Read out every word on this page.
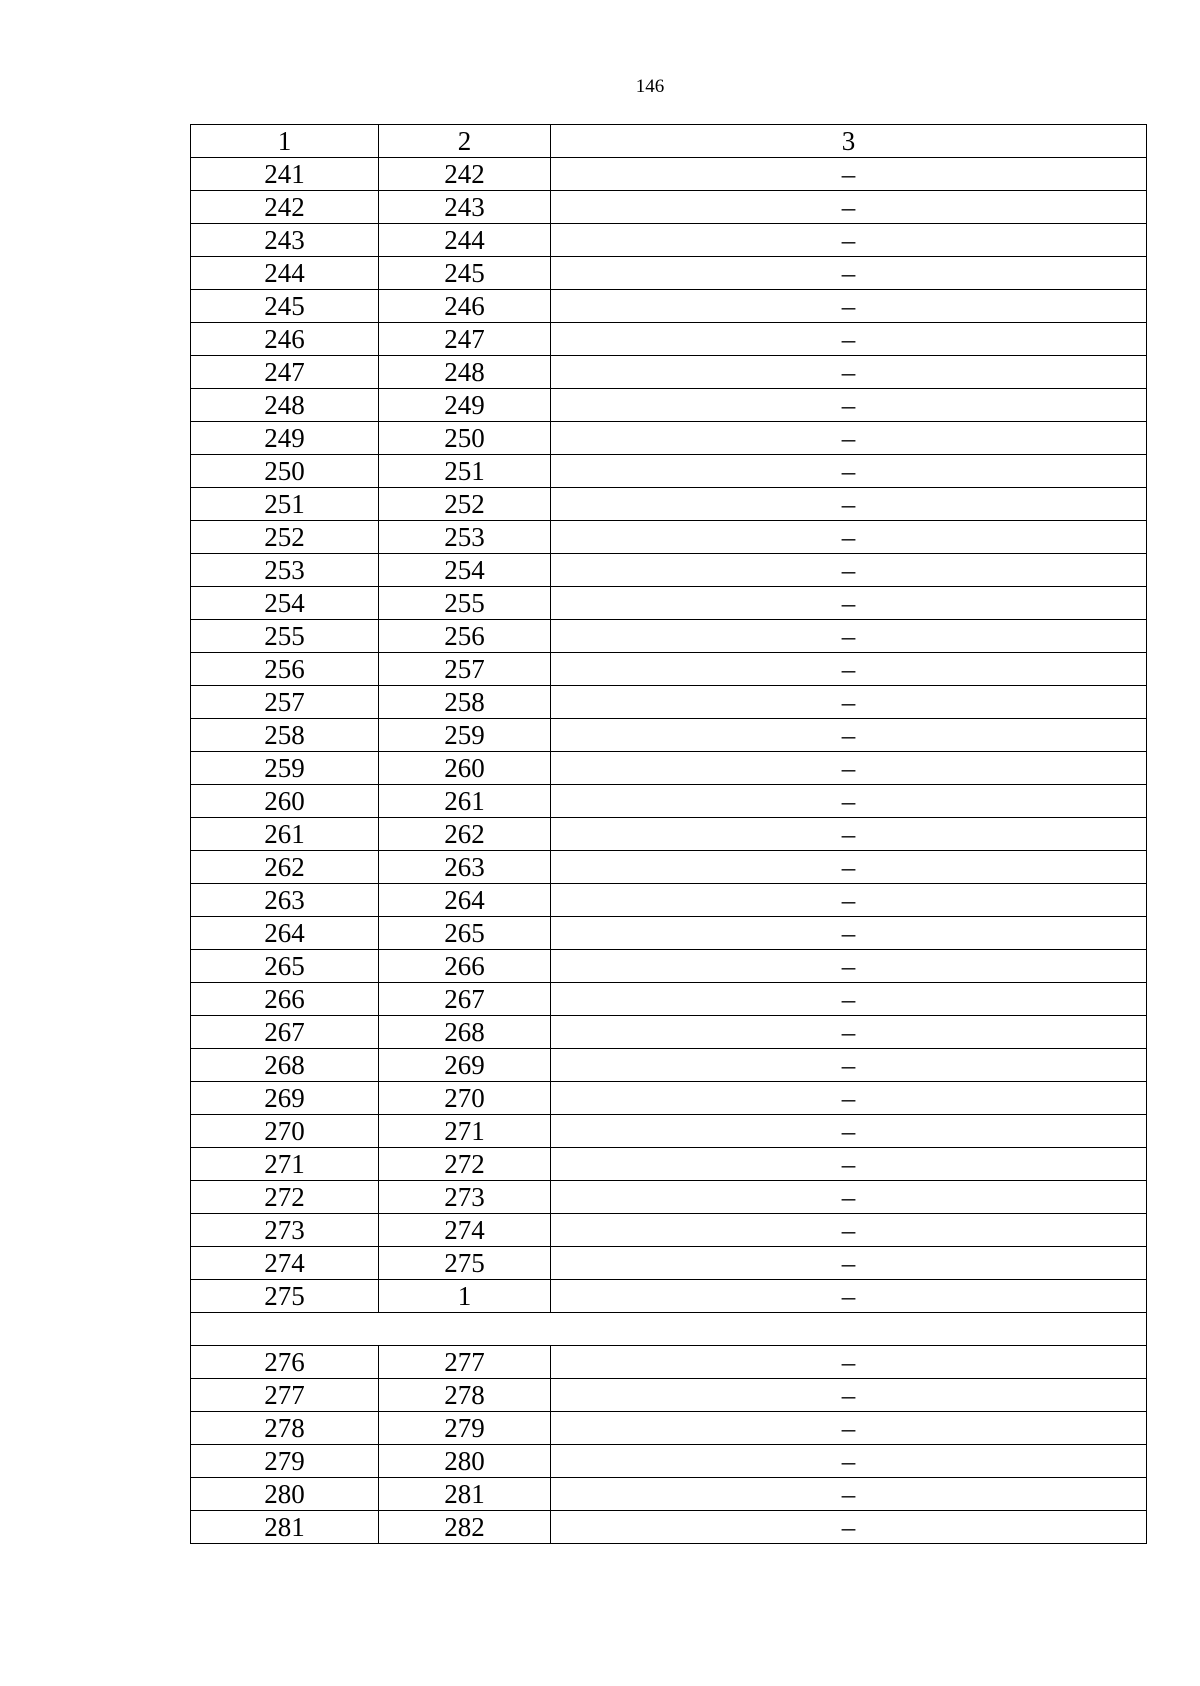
146
1	2	3
241	242	–
242	243	–
243	244	–
244	245	–
245	246	–
246	247	–
247	248	–
248	249	–
249	250	–
250	251	–
251	252	–
252	253	–
253	254	–
254	255	–
255	256	–
256	257	–
257	258	–
258	259	–
259	260	–
260	261	–
261	262	–
262	263	–
263	264	–
264	265	–
265	266	–
266	267	–
267	268	–
268	269	–
269	270	–
270	271	–
271	272	–
272	273	–
273	274	–
274	275	–
275	1	–

276	277	–
277	278	–
278	279	–
279	280	–
280	281	–
281	282	–
